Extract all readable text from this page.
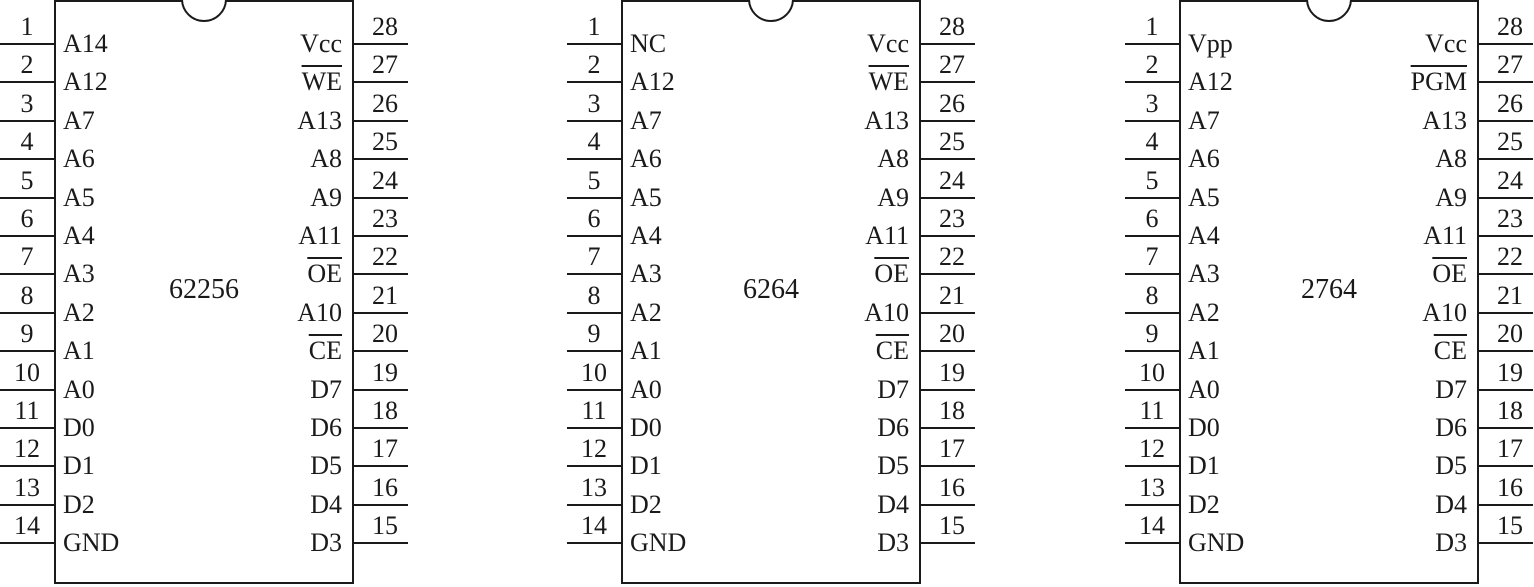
62256
1
A14
2
A12
3
A7
4
A6
5
A5
6
A4
7
A3
8
A2
9
A1
10
A0
11
D0
12
D1
13
D2
14
GND
28
Vcc
27
$\overline{WE}$
26
A13
25
A8
24
A9
23
A11
22
$\overline{OE}$
21
A10
20
$\overline{CE}$
19
D7
18
D6
17
D5
16
D4
15
D3
6264
1
NC
2
A12
3
A7
4
A6
5
A5
6
A4
7
A3
8
A2
9
A1
10
A0
11
D0
12
D1
13
D2
14
GND
28
Vcc
27
$\overline{WE}$
26
A13
25
A8
24
A9
23
A11
22
$\overline{OE}$
21
A10
20
$\overline{CE}$
19
D7
18
D6
17
D5
16
D4
15
D3
2764
1
Vpp
2
A12
3
A7
4
A6
5
A5
6
A4
7
A3
8
A2
9
A1
10
A0
11
D0
12
D1
13
D2
14
GND
28
Vcc
27
$\overline{PGM}$
26
A13
25
A8
24
A9
23
A11
22
$\overline{OE}$
21
A10
20
$\overline{CE}$
19
D7
18
D6
17
D5
16
D4
15
D3
